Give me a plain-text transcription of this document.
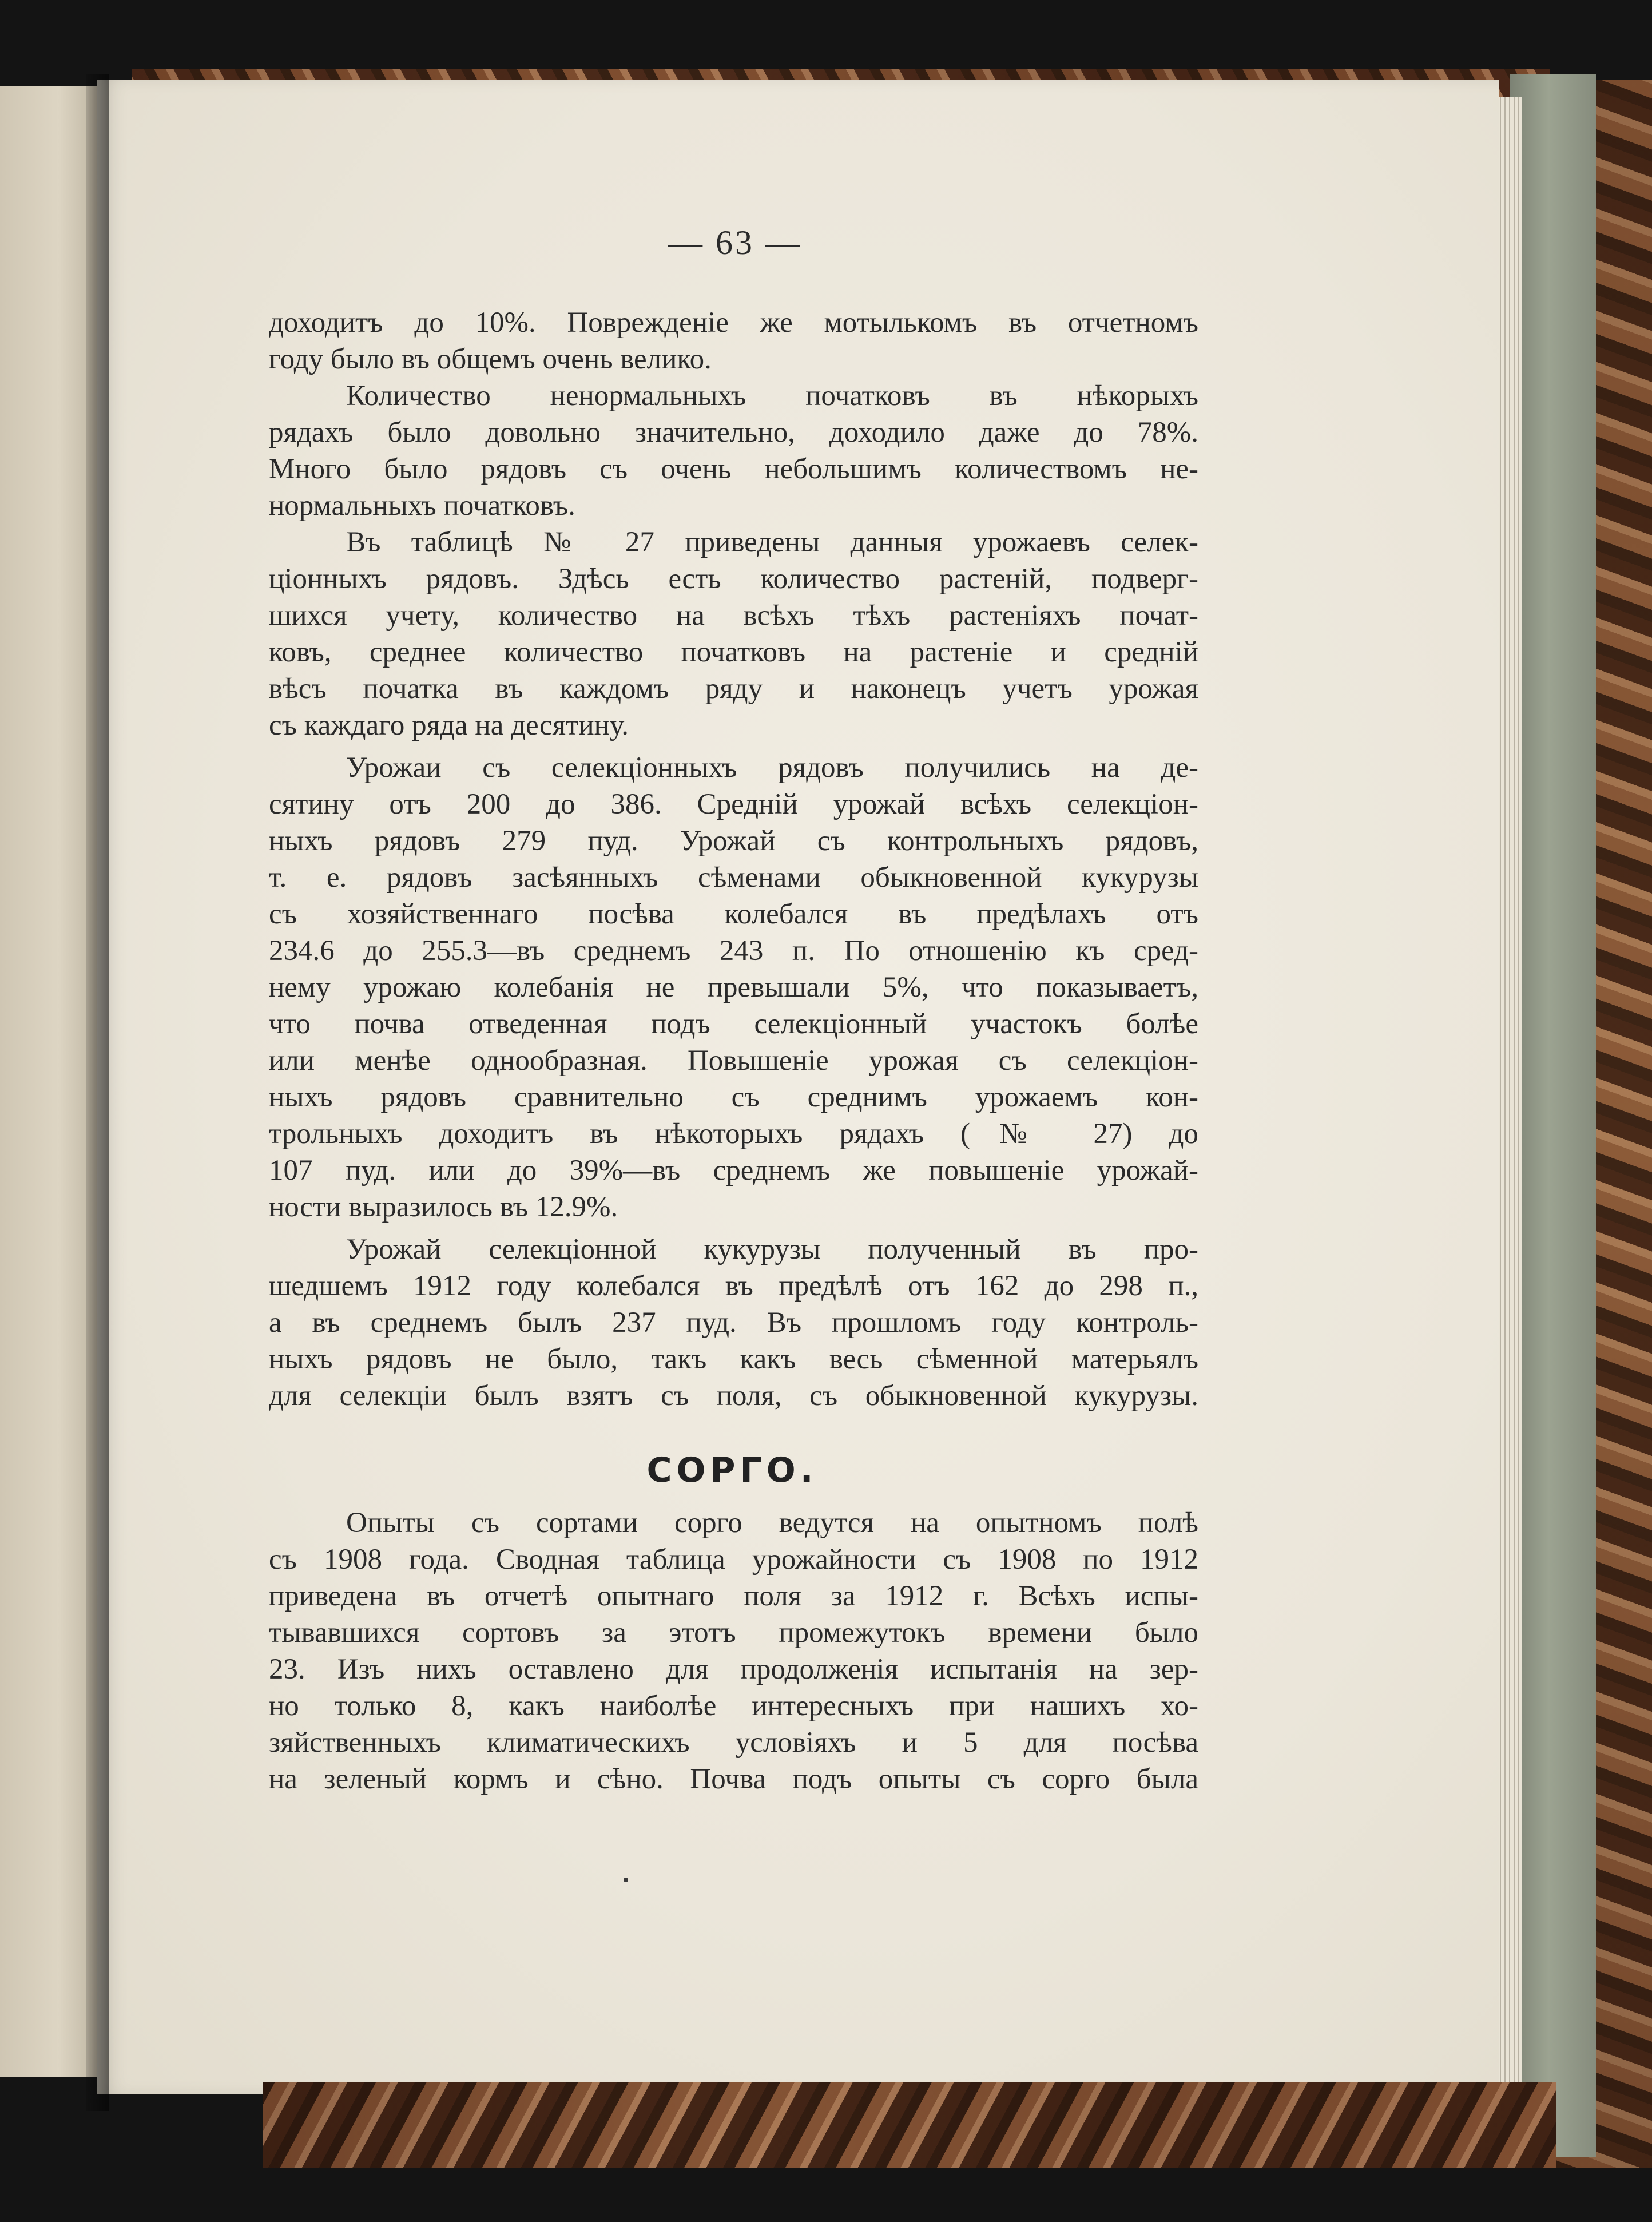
— 63 —
доходитъ до 10%. Поврежденіе же мотылькомъ въ отчетномъ
году было въ общемъ очень велико.
Количество ненормальныхъ початковъ въ нѣкорыхъ
рядахъ было довольно значительно, доходило даже до 78%.
Много было рядовъ съ очень небольшимъ количествомъ не-
нормальныхъ початковъ.
Въ таблицѣ № 27 приведены данныя урожаевъ селек-
ціонныхъ рядовъ. Здѣсь есть количество растеній, подверг-
шихся учету, количество на всѣхъ тѣхъ растеніяхъ почат-
ковъ, среднее количество початковъ на растеніе и средній
вѣсъ початка въ каждомъ ряду и наконецъ учетъ урожая
съ каждаго ряда на десятину.
Урожаи съ селекціонныхъ рядовъ получились на де-
сятину отъ 200 до 386. Средній урожай всѣхъ селекціон-
ныхъ рядовъ 279 пуд. Урожай съ контрольныхъ рядовъ,
т. е. рядовъ засѣянныхъ сѣменами обыкновенной кукурузы
съ хозяйственнаго посѣва колебался въ предѣлахъ отъ
234.6 до 255.3—въ среднемъ 243 п. По отношенію къ сред-
нему урожаю колебанія не превышали 5%, что показываетъ,
что почва отведенная подъ селекціонный участокъ болѣе
или менѣе однообразная. Повышеніе урожая съ селекціон-
ныхъ рядовъ сравнительно съ среднимъ урожаемъ кон-
трольныхъ доходитъ въ нѣкоторыхъ рядахъ (№ 27) до
107 пуд. или до 39%—въ среднемъ же повышеніе урожай-
ности выразилось въ 12.9%.
Урожай селекціонной кукурузы полученный въ про-
шедшемъ 1912 году колебался въ предѣлѣ отъ 162 до 298 п.,
а въ среднемъ былъ 237 пуд. Въ прошломъ году контроль-
ныхъ рядовъ не было, такъ какъ весь сѣменной матерьялъ
для селекціи былъ взятъ съ поля, съ обыкновенной кукурузы.
СОРГО.
Опыты съ сортами сорго ведутся на опытномъ полѣ
съ 1908 года. Сводная таблица урожайности съ 1908 по 1912
приведена въ отчетѣ опытнаго поля за 1912 г. Всѣхъ испы-
тывавшихся сортовъ за этотъ промежутокъ времени было
23. Изъ нихъ оставлено для продолженія испытанія на зер-
но только 8, какъ наиболѣе интересныхъ при нашихъ хо-
зяйственныхъ климатическихъ условіяхъ и 5 для посѣва
на зеленый кормъ и сѣно. Почва подъ опыты съ сорго была
